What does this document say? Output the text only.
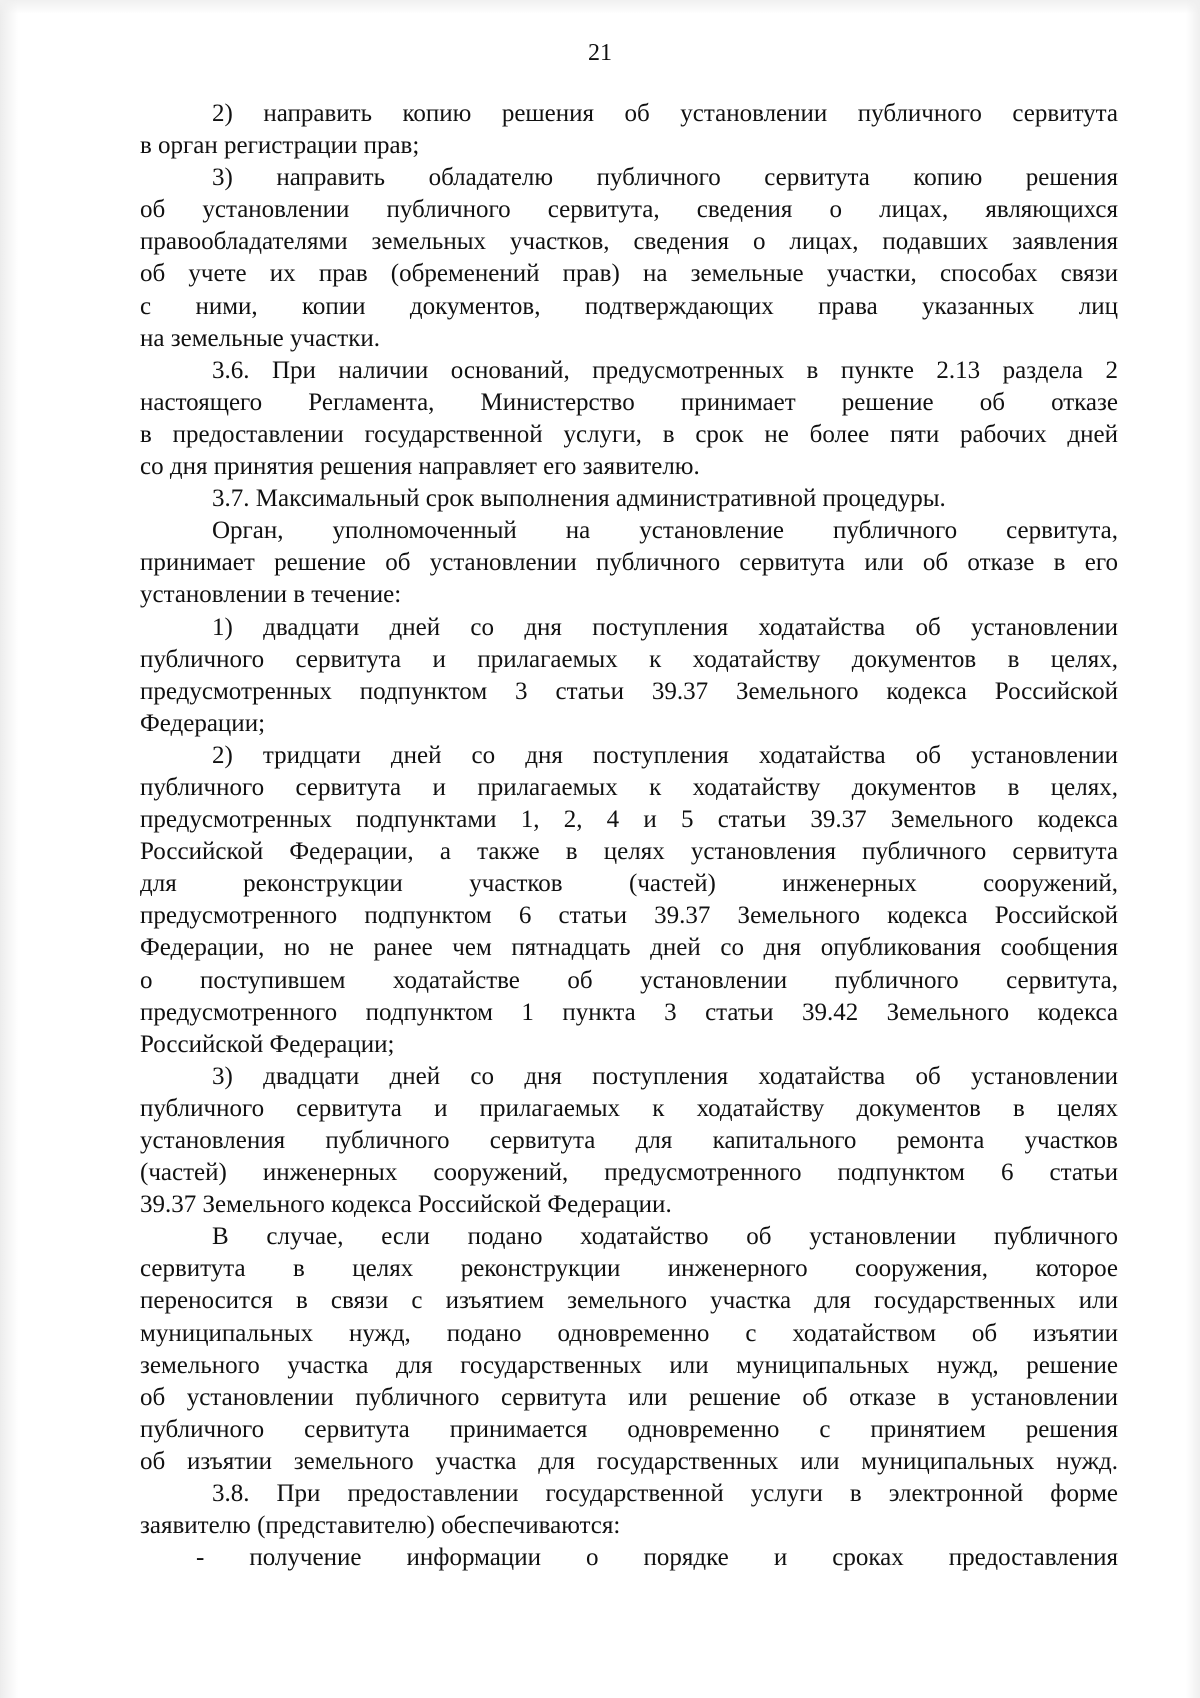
21
2) направить копию решения об установлении публичного сервитута
в орган регистрации прав;
3) направить обладателю публичного сервитута копию решения
об установлении публичного сервитута, сведения о лицах, являющихся
правообладателями земельных участков, сведения о лицах, подавших заявления
об учете их прав (обременений прав) на земельные участки, способах связи
с ними, копии документов, подтверждающих права указанных лиц
на земельные участки.
3.6. При наличии оснований, предусмотренных в пункте 2.13 раздела 2
настоящего Регламента, Министерство принимает решение об отказе
в предоставлении государственной услуги, в срок не более пяти рабочих дней
со дня принятия решения направляет его заявителю.
3.7. Максимальный срок выполнения административной процедуры.
Орган, уполномоченный на установление публичного сервитута,
принимает решение об установлении публичного сервитута или об отказе в его
установлении в течение:
1) двадцати дней со дня поступления ходатайства об установлении
публичного сервитута и прилагаемых к ходатайству документов в целях,
предусмотренных подпунктом 3 статьи 39.37 Земельного кодекса Российской
Федерации;
2) тридцати дней со дня поступления ходатайства об установлении
публичного сервитута и прилагаемых к ходатайству документов в целях,
предусмотренных подпунктами 1, 2, 4 и 5 статьи 39.37 Земельного кодекса
Российской Федерации, а также в целях установления публичного сервитута
для реконструкции участков (частей) инженерных сооружений,
предусмотренного подпунктом 6 статьи 39.37 Земельного кодекса Российской
Федерации, но не ранее чем пятнадцать дней со дня опубликования сообщения
о поступившем ходатайстве об установлении публичного сервитута,
предусмотренного подпунктом 1 пункта 3 статьи 39.42 Земельного кодекса
Российской Федерации;
3) двадцати дней со дня поступления ходатайства об установлении
публичного сервитута и прилагаемых к ходатайству документов в целях
установления публичного сервитута для капитального ремонта участков
(частей) инженерных сооружений, предусмотренного подпунктом 6 статьи
39.37 Земельного кодекса Российской Федерации.
В случае, если подано ходатайство об установлении публичного
сервитута в целях реконструкции инженерного сооружения, которое
переносится в связи с изъятием земельного участка для государственных или
муниципальных нужд, подано одновременно с ходатайством об изъятии
земельного участка для государственных или муниципальных нужд, решение
об установлении публичного сервитута или решение об отказе в установлении
публичного сервитута принимается одновременно с принятием решения
об изъятии земельного участка для государственных или муниципальных нужд.
3.8. При предоставлении государственной услуги в электронной форме
заявителю (представителю) обеспечиваются:
- получение информации о порядке и сроках предоставления
